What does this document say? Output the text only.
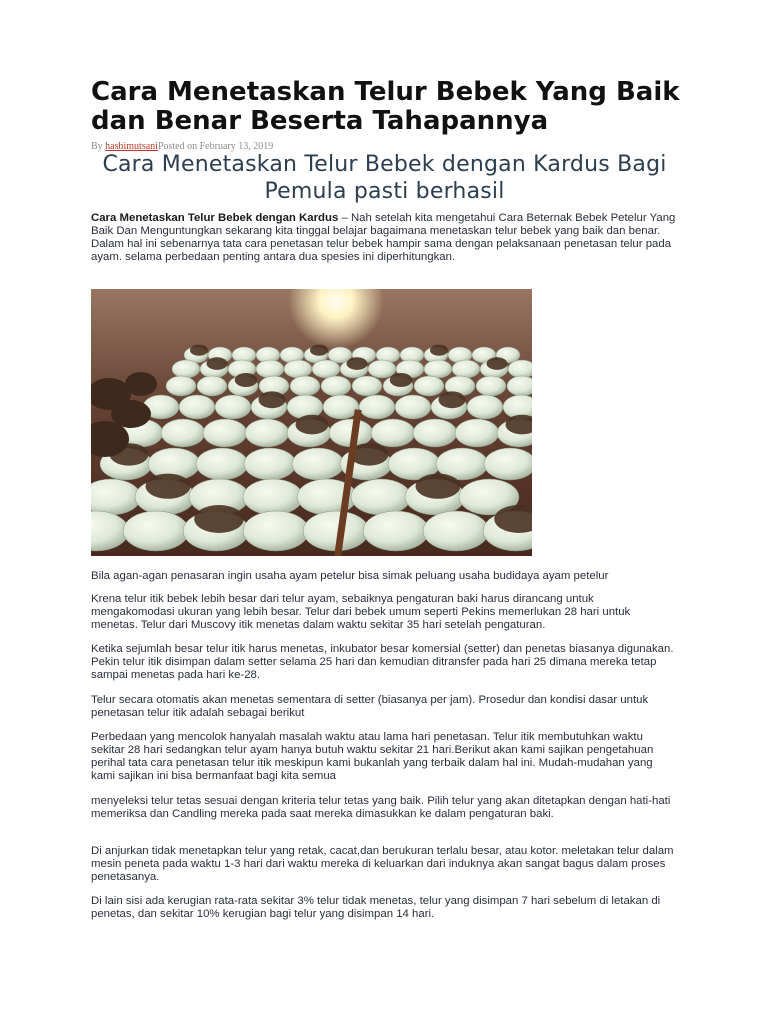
Cara Menetaskan Telur Bebek Yang Baik dan Benar Beserta Tahapannya
By hasbimutsaniPosted on February 13, 2019
Cara Menetaskan Telur Bebek dengan Kardus Bagi Pemula pasti berhasil

Cara Menetaskan Telur Bebek dengan Kardus – Nah setelah kita mengetahui Cara Beternak Bebek Petelur Yang Baik Dan Menguntungkan sekarang kita tinggal belajar bagaimana menetaskan telur bebek yang baik dan benar. Dalam hal ini sebenarnya tata cara penetasan telur bebek hampir sama dengan pelaksanaan penetasan telur pada ayam. selama perbedaan penting antara dua spesies ini diperhitungkan.

Bila agan-agan penasaran ingin usaha ayam petelur bisa simak peluang usaha budidaya ayam petelur

Krena telur itik bebek lebih besar dari telur ayam, sebaiknya pengaturan baki harus dirancang untuk mengakomodasi ukuran yang lebih besar. Telur dari bebek umum seperti Pekins memerlukan 28 hari untuk menetas. Telur dari Muscovy itik menetas dalam waktu sekitar 35 hari setelah pengaturan.

Ketika sejumlah besar telur itik harus menetas, inkubator besar komersial (setter) dan penetas biasanya digunakan. Pekin telur itik disimpan dalam setter selama 25 hari dan kemudian ditransfer pada hari 25 dimana mereka tetap sampai menetas pada hari ke-28.

Telur secara otomatis akan menetas sementara di setter (biasanya per jam). Prosedur dan kondisi dasar untuk penetasan telur itik adalah sebagai berikut

Perbedaan yang mencolok hanyalah masalah waktu atau lama hari penetasan. Telur itik membutuhkan waktu sekitar 28 hari sedangkan telur ayam hanya butuh waktu sekitar 21 hari.Berikut akan kami sajikan pengetahuan perihal tata cara penetasan telur itik meskipun kami bukanlah yang terbaik dalam hal ini. Mudah-mudahan yang kami sajikan ini bisa bermanfaat bagi kita semua

menyeleksi telur tetas sesuai dengan kriteria telur tetas yang baik. Pilih telur yang akan ditetapkan dengan hati-hati memeriksa dan Candling mereka pada saat mereka dimasukkan ke dalam pengaturan baki.

Di anjurkan tidak menetapkan telur yang retak, cacat,dan berukuran terlalu besar, atau kotor. meletakan telur dalam mesin peneta pada waktu 1-3 hari dari waktu mereka di keluarkan dari induknya akan sangat bagus dalam proses penetasanya.

Di lain sisi ada kerugian rata-rata sekitar 3% telur tidak menetas, telur yang disimpan 7 hari sebelum di letakan di penetas, dan sekitar 10% kerugian bagi telur yang disimpan 14 hari.
